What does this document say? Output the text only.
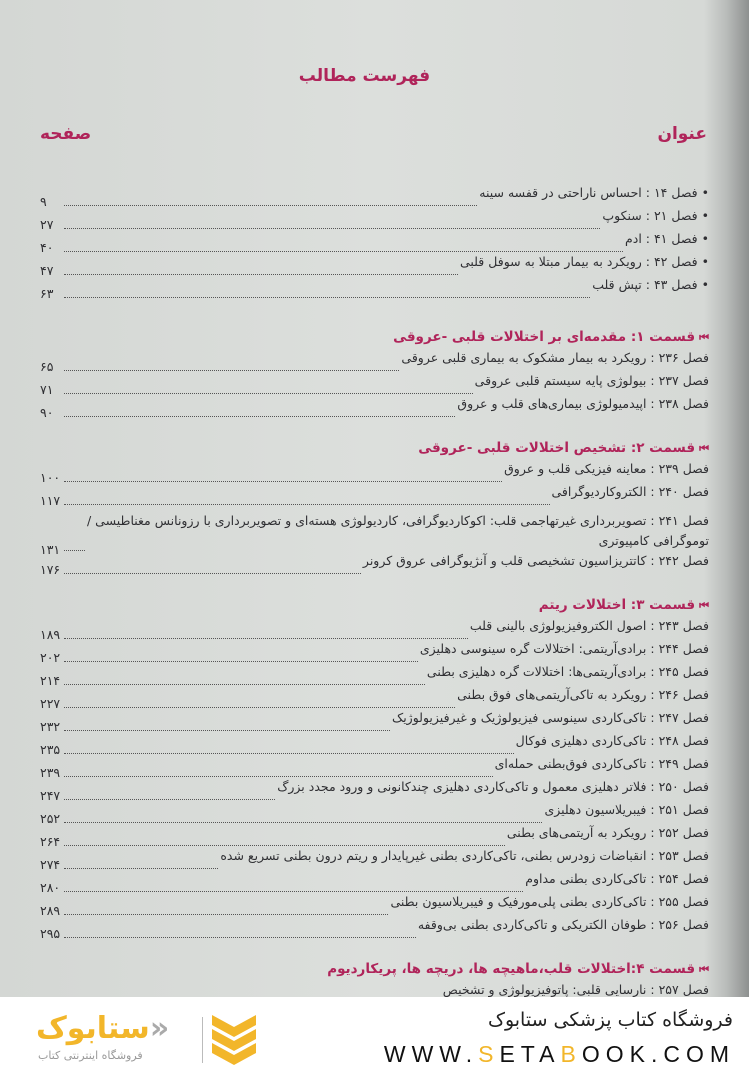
فهرست مطالب
عنوان
صفحه
• فصل ۱۴ : احساس ناراحتی در قفسه سینه
۹
• فصل ۲۱ : سنکوپ
۲۷
• فصل ۴۱ : ادم
۴۰
• فصل ۴۲ : رویکرد به بیمار مبتلا به سوفل قلبی
۴۷
• فصل ۴۳ : تپش قلب
۶۳
⏮قسمت ۱: مقدمه‌ای بر اختلالات قلبی -عروقی
فصل ۲۳۶ : رویکرد به بیمار مشکوک به بیماری قلبی عروقی
۶۵
فصل ۲۳۷ : بیولوژی پایه سیستم قلبی عروقی
۷۱
فصل ۲۳۸ : اپیدمیولوژی بیماری‌های قلب و عروق
۹۰
⏮قسمت ۲: تشخیص اختلالات قلبی -عروقی
فصل ۲۳۹ : معاینه فیزیکی قلب و عروق
۱۰۰
فصل ۲۴۰ : الکتروکاردیوگرافی
۱۱۷
فصل ۲۴۱ : تصویربرداری غیرتهاجمی قلب: اکوکاردیوگرافی، کاردیولوژی هسته‌ای و تصویربرداری با رزونانس مغناطیسی /
توموگرافی کامپیوتری
۱۳۱
فصل ۲۴۲ : کاتتریزاسیون تشخیصی قلب و آنژیوگرافی عروق کرونر
۱۷۶
⏮قسمت ۳: اختلالات ریتم
فصل ۲۴۳ : اصول الکتروفیزیولوژی بالینی قلب
۱۸۹
فصل ۲۴۴ : برادی‌آریتمی: اختلالات گره سینوسی دهلیزی
۲۰۲
فصل ۲۴۵ : برادی‌آریتمی‌ها: اختلالات گره دهلیزی بطنی
۲۱۴
فصل ۲۴۶ : رویکرد به تاکی‌آریتمی‌های فوق بطنی
۲۲۷
فصل ۲۴۷ : تاکی‌کاردی سینوسی فیزیولوژیک و غیرفیزیولوژیک
۲۳۲
فصل ۲۴۸ : تاکی‌کاردی دهلیزی فوکال
۲۳۵
فصل ۲۴۹ : تاکی‌کاردی فوق‌بطنی حمله‌ای
۲۳۹
فصل ۲۵۰ : فلاتر دهلیزی معمول و تاکی‌کاردی دهلیزی چندکانونی و ورود مجدد بزرگ
۲۴۷
فصل ۲۵۱ : فیبریلاسیون دهلیزی
۲۵۲
فصل ۲۵۲ : رویکرد به آریتمی‌های بطنی
۲۶۴
فصل ۲۵۳ : انقباضات زودرس بطنی، تاکی‌کاردی بطنی غیرپایدار و ریتم درون بطنی تسریع شده
۲۷۴
فصل ۲۵۴ : تاکی‌کاردی بطنی مداوم
۲۸۰
فصل ۲۵۵ : تاکی‌کاردی بطنی پلی‌مورفیک و فیبریلاسیون بطنی
۲۸۹
فصل ۲۵۶ : طوفان الکتریکی و تاکی‌کاردی بطنی بی‌وقفه
۲۹۵
⏮قسمت ۴:اختلالات قلب،ماهیچه ها، دریچه ها، پریکاردیوم
فصل ۲۵۷ : نارسایی قلبی: پاتوفیزیولوژی و تشخیص
فروشگاه کتاب پزشکی ستابوک
WWW.SETABOOK.COM
«ستابوک
فروشگاه اینترنتی کتاب
